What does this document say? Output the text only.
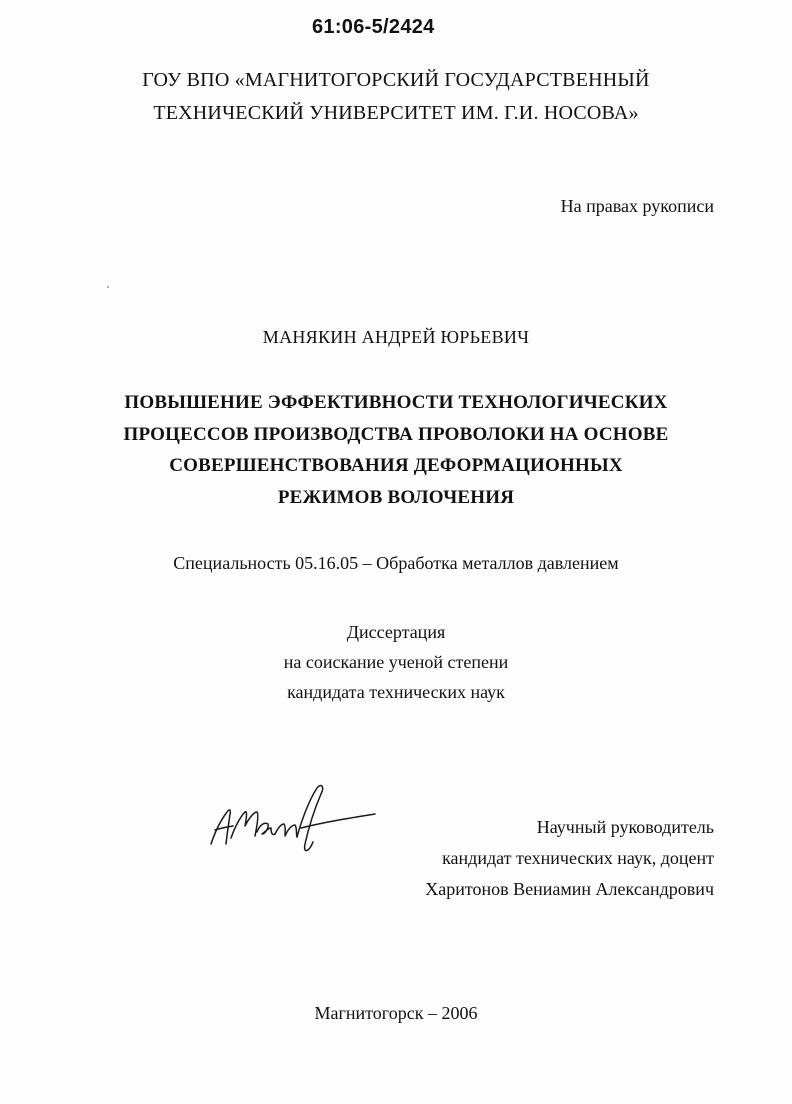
61:06-5/2424
ГОУ ВПО «МАГНИТОГОРСКИЙ ГОСУДАРСТВЕННЫЙ
ТЕХНИЧЕСКИЙ УНИВЕРСИТЕТ ИМ. Г.И. НОСОВА»
На правах рукописи
МАНЯКИН АНДРЕЙ ЮРЬЕВИЧ
ПОВЫШЕНИЕ ЭФФЕКТИВНОСТИ ТЕХНОЛОГИЧЕСКИХ
ПРОЦЕССОВ ПРОИЗВОДСТВА ПРОВОЛОКИ НА ОСНОВЕ
СОВЕРШЕНСТВОВАНИЯ ДЕФОРМАЦИОННЫХ
РЕЖИМОВ ВОЛОЧЕНИЯ
Специальность 05.16.05 – Обработка металлов давлением
Диссертация
на соискание ученой степени
кандидата технических наук
Научный руководитель
кандидат технических наук, доцент
Харитонов Вениамин Александрович
Магнитогорск – 2006
